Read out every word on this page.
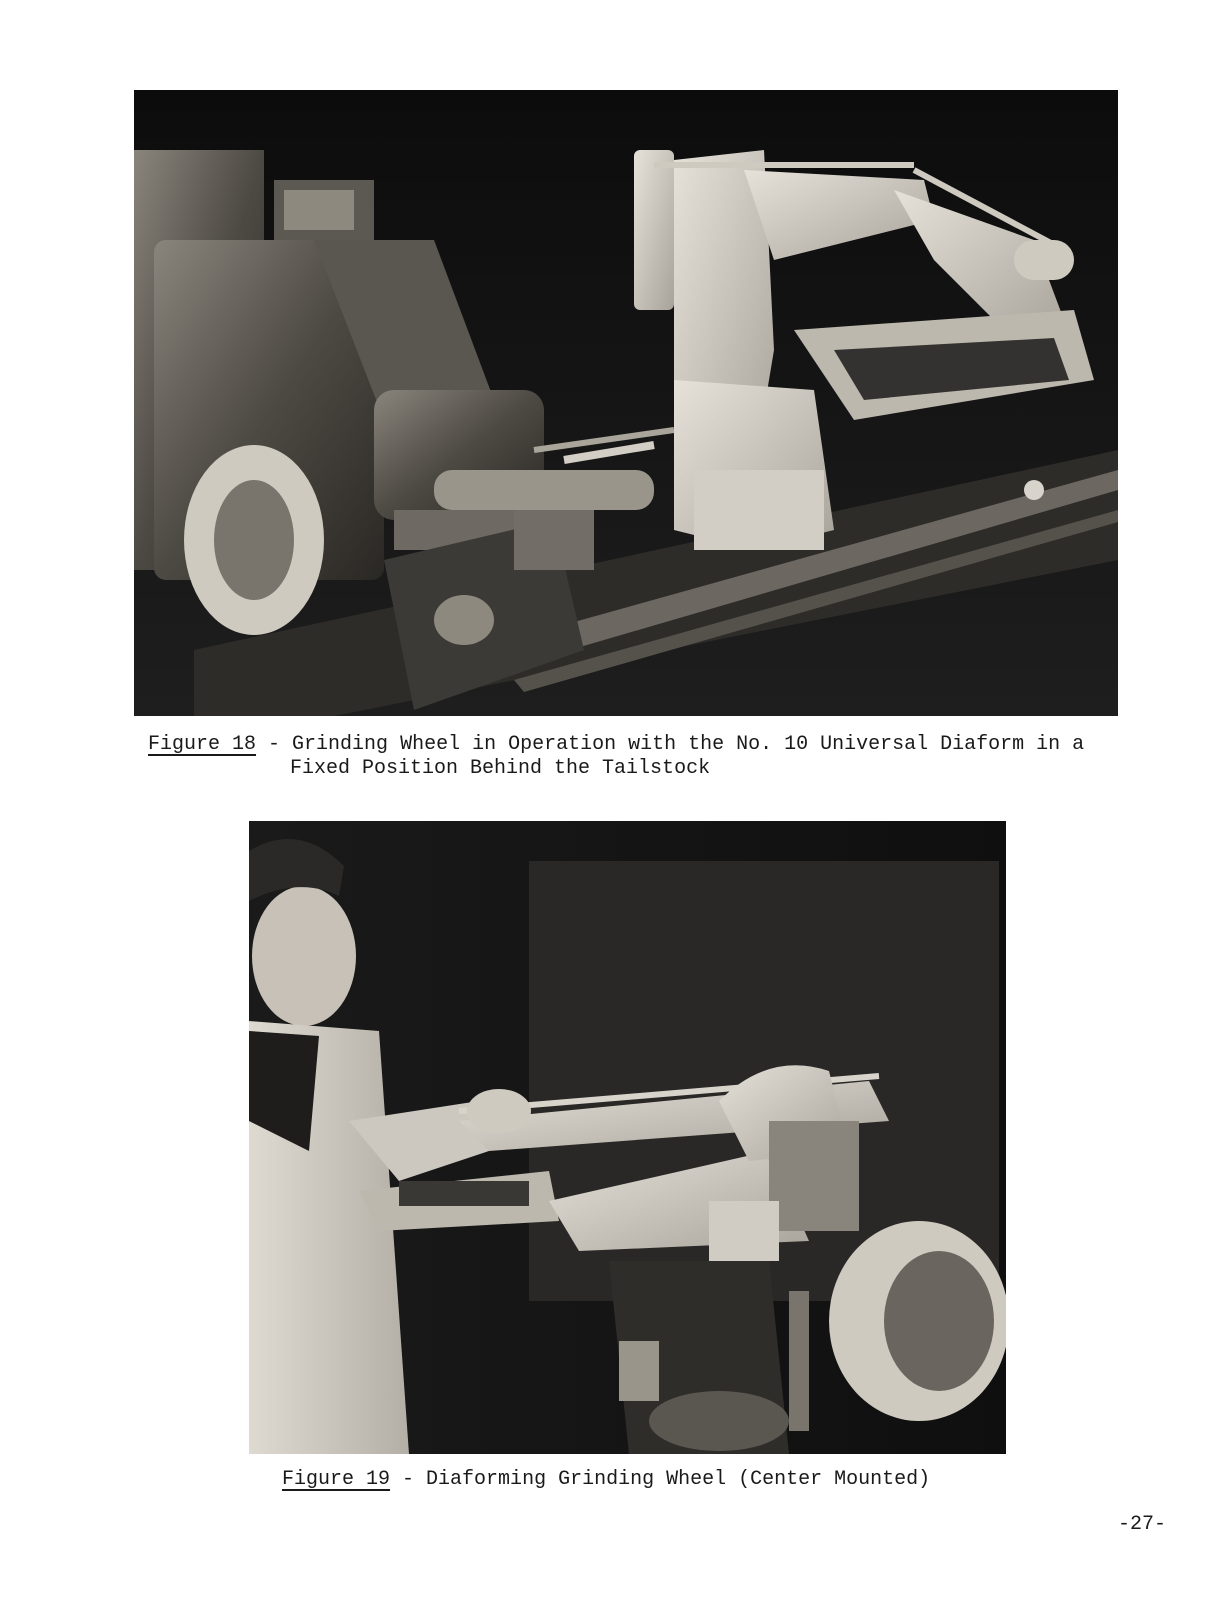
Figure 18 - Grinding Wheel in Operation with the No. 10 Universal Diaform in a
Fixed Position Behind the Tailstock
Figure 19 - Diaforming Grinding Wheel (Center Mounted)
-27-
